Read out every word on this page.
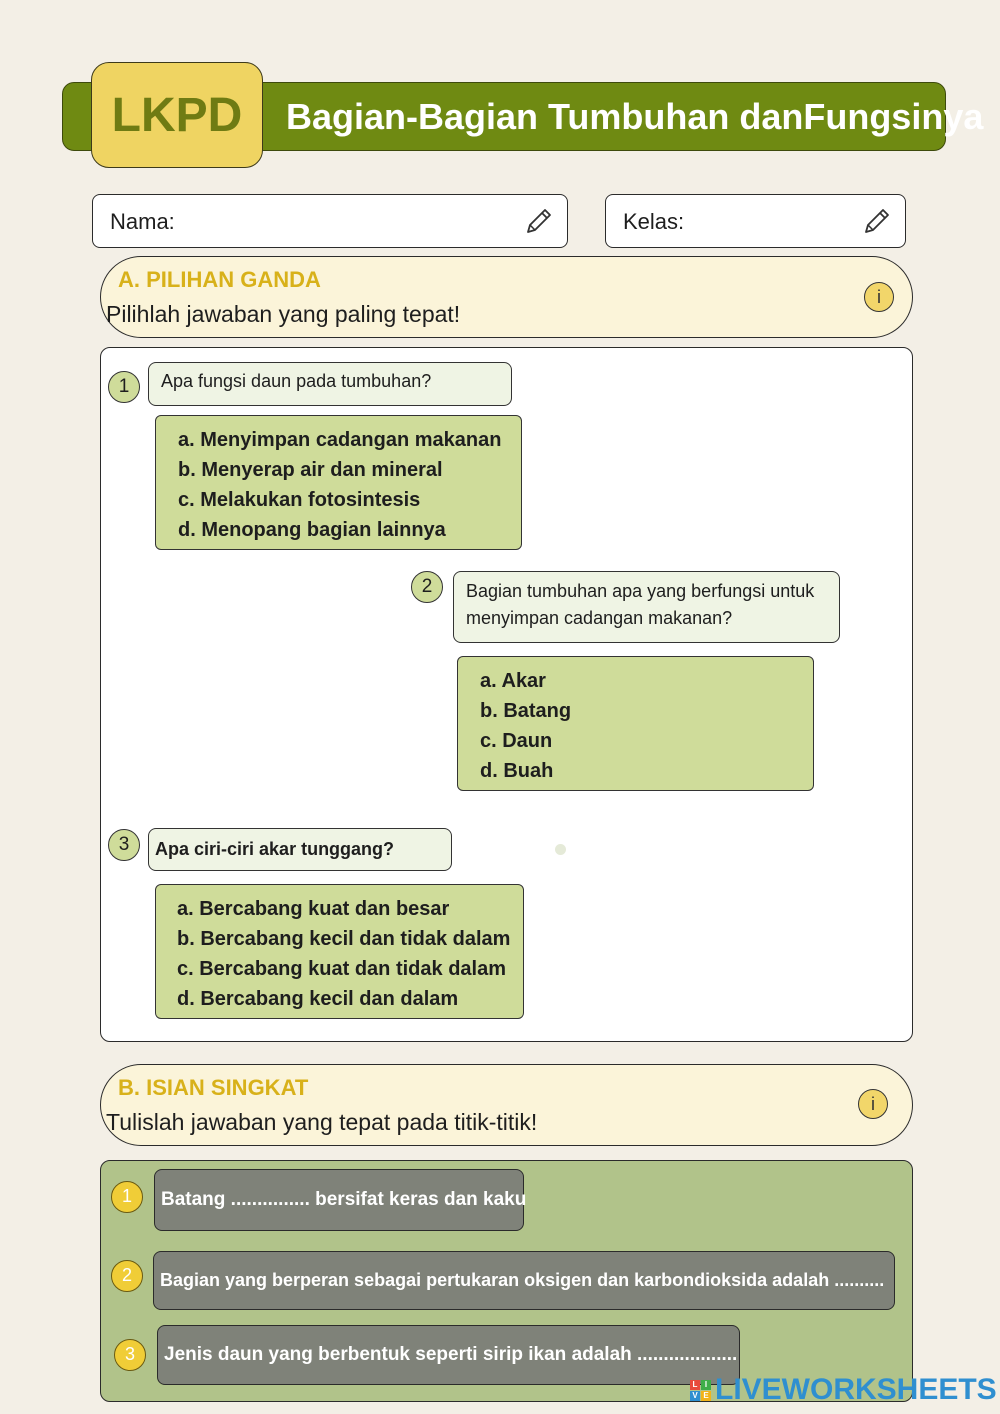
Bagian-Bagian Tumbuhan danFungsinya
LKPD
Nama:	Kelas:
A. PILIHAN GANDA
Pilihlah jawaban yang paling tepat!
i
1	Apa fungsi daun pada tumbuhan?
a. Menyimpan cadangan makanan
b. Menyerap air dan mineral
c. Melakukan fotosintesis
d. Menopang bagian lainnya
2	Bagian tumbuhan apa yang berfungsi untuk menyimpan cadangan makanan?
a. Akar
b. Batang
c. Daun
d. Buah
3	Apa ciri-ciri akar tunggang?
a. Bercabang kuat dan besar
b. Bercabang kecil dan tidak dalam
c. Bercabang kuat dan tidak dalam
d. Bercabang kecil dan dalam
B. ISIAN SINGKAT
Tulislah jawaban yang tepat pada titik-titik!
i
1	Batang ............... bersifat keras dan kaku
2	Bagian yang berperan sebagai pertukaran oksigen dan karbondioksida adalah ..........
3	Jenis daun yang berbentuk seperti sirip ikan adalah ...................
L I
V E LIVEWORKSHEETS
